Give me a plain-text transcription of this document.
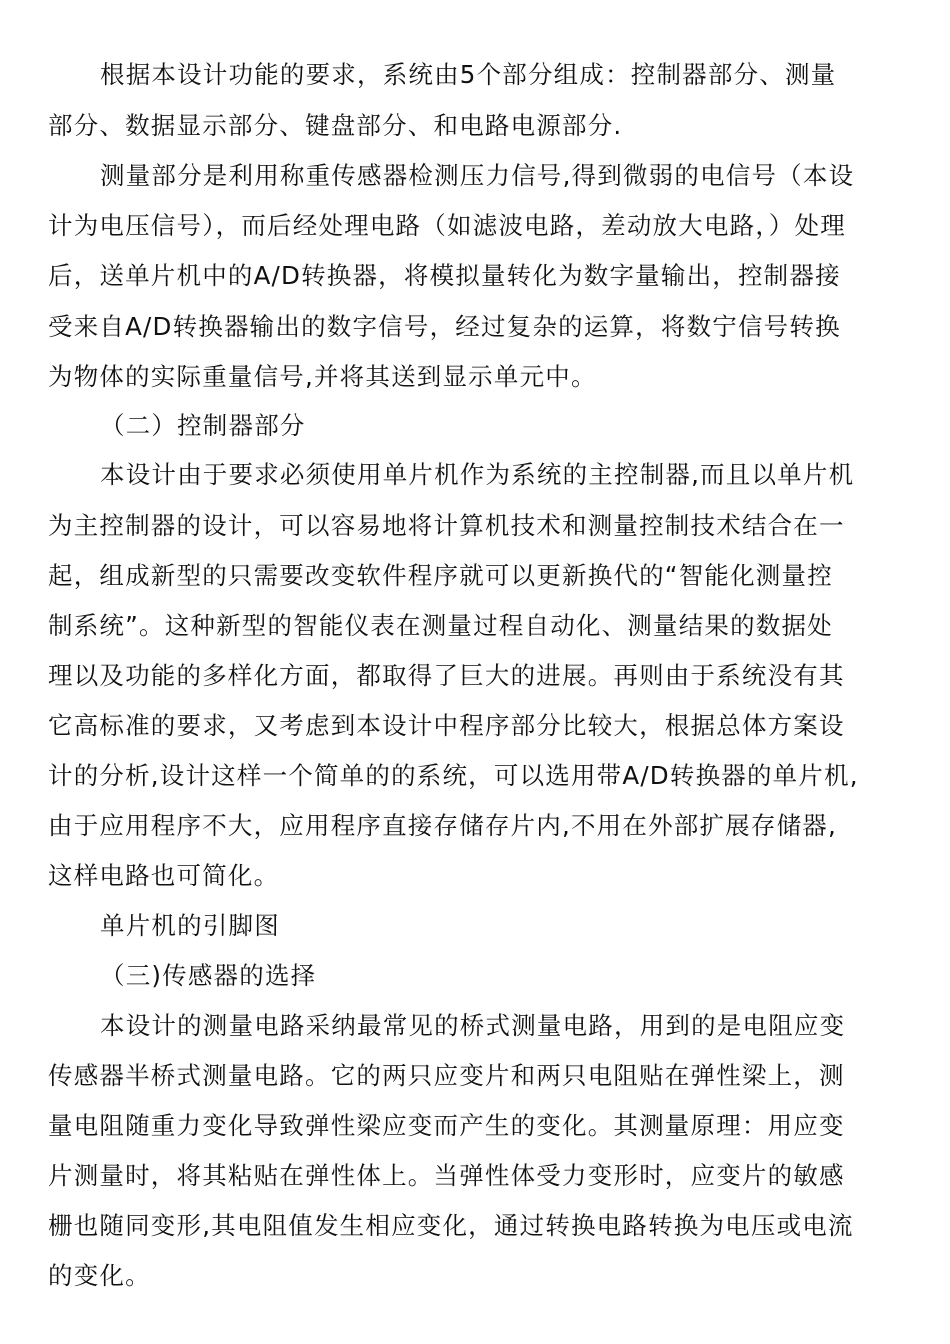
根据本设计功能的要求，系统由5个部分组成：控制器部分、测量
部分、数据显示部分、键盘部分、和电路电源部分.
测量部分是利用称重传感器检测压力信号,得到微弱的电信号（本设
计为电压信号），而后经处理电路（如滤波电路，差动放大电路，）处理
后，送单片机中的A/D转换器，将模拟量转化为数字量输出，控制器接
受来自A/D转换器输出的数字信号，经过复杂的运算，将数宁信号转换
为物体的实际重量信号,并将其送到显示单元中。
（二）控制器部分
本设计由于要求必须使用单片机作为系统的主控制器,而且以单片机
为主控制器的设计，可以容易地将计算机技术和测量控制技术结合在一
起，组成新型的只需要改变软件程序就可以更新换代的“智能化测量控
制系统”。这种新型的智能仪表在测量过程自动化、测量结果的数据处
理以及功能的多样化方面，都取得了巨大的进展。再则由于系统没有其
它高标准的要求，又考虑到本设计中程序部分比较大，根据总体方案设
计的分析,设计这样一个简单的的系统，可以选用带A/D转换器的单片机,
由于应用程序不大，应用程序直接存储存片内,不用在外部扩展存储器,
这样电路也可简化。
单片机的引脚图
（三)传感器的选择
本设计的测量电路采纳最常见的桥式测量电路，用到的是电阻应变
传感器半桥式测量电路。它的两只应变片和两只电阻贴在弹性梁上，测
量电阻随重力变化导致弹性梁应变而产生的变化。其测量原理：用应变
片测量时，将其粘贴在弹性体上。当弹性体受力变形时，应变片的敏感
栅也随同变形,其电阻值发生相应变化，通过转换电路转换为电压或电流
的变化。
